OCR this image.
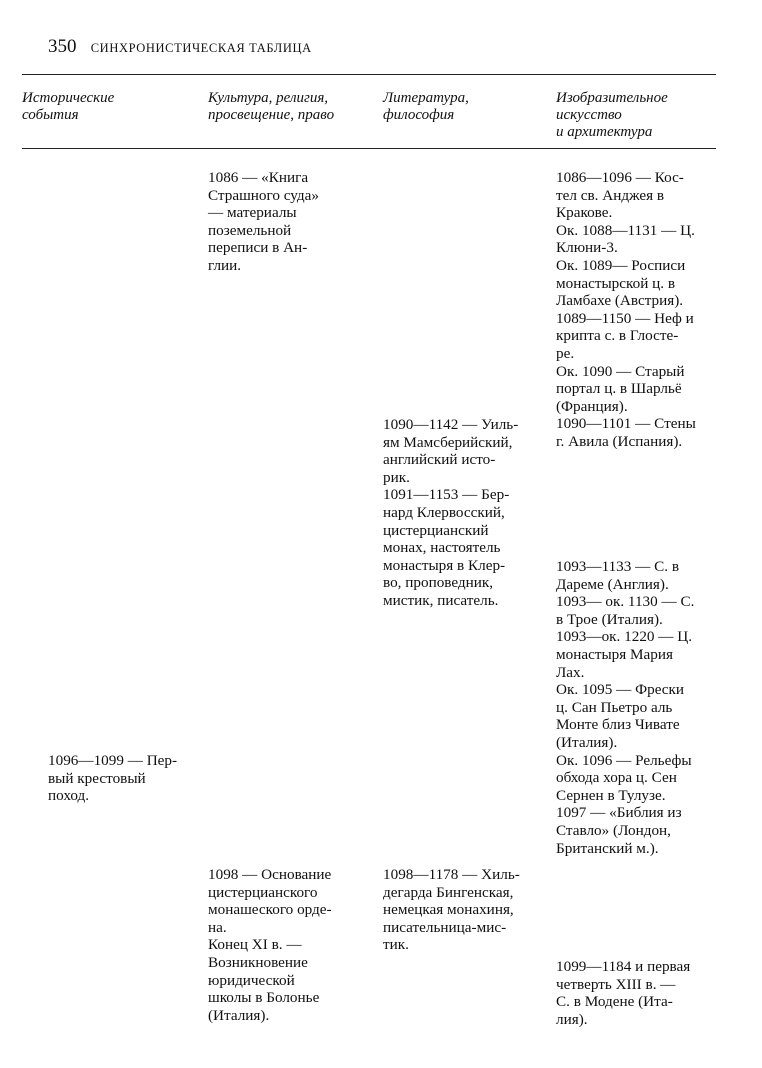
350 СИНХРОНИСТИЧЕСКАЯ ТАБЛИЦА
Исторические
события
Культура, религия,
просвещение, право
Литература,
философия
Изобразительное
искусство
и архитектура
1096—1099 — Пер-
вый крестовый
поход.
1086 — «Книга
Страшного суда»
— материалы
поземельной
переписи в Ан-
глии.
1098 — Основание
цистерцианского
монашеского орде-
на.
Конец XI в. —
Возникновение
юридической
школы в Болонье
(Италия).
1090—1142 — Уиль-
ям Мамсберийский,
английский исто-
рик.
1091—1153 — Бер-
нард Клервосский,
цистерцианский
монах, настоятель
монастыря в Клер-
во, проповедник,
мистик, писатель.
1098—1178 — Хиль-
дегарда Бингенская,
немецкая монахиня,
писательница-мис-
тик.
1086—1096 — Кос-
тел св. Анджея в
Кракове.
Ок. 1088—1131 — Ц.
Клюни-3.
Ок. 1089— Росписи
монастырской ц. в
Ламбахе (Австрия).
1089—1150 — Неф и
крипта с. в Глосте-
ре.
Ок. 1090 — Старый
портал ц. в Шарльё
(Франция).
1090—1101 — Стены
г. Авила (Испания).
1093—1133 — С. в
Дареме (Англия).
1093— ок. 1130 — С.
в Трое (Италия).
1093—ок. 1220 — Ц.
монастыря Мария
Лах.
Ок. 1095 — Фрески
ц. Сан Пьетро аль
Монте близ Чивате
(Италия).
Ок. 1096 — Рельефы
обхода хора ц. Сен
Сернен в Тулузе.
1097 — «Библия из
Ставло» (Лондон,
Британский м.).
1099—1184 и первая
четверть XIII в. —
С. в Модене (Ита-
лия).
